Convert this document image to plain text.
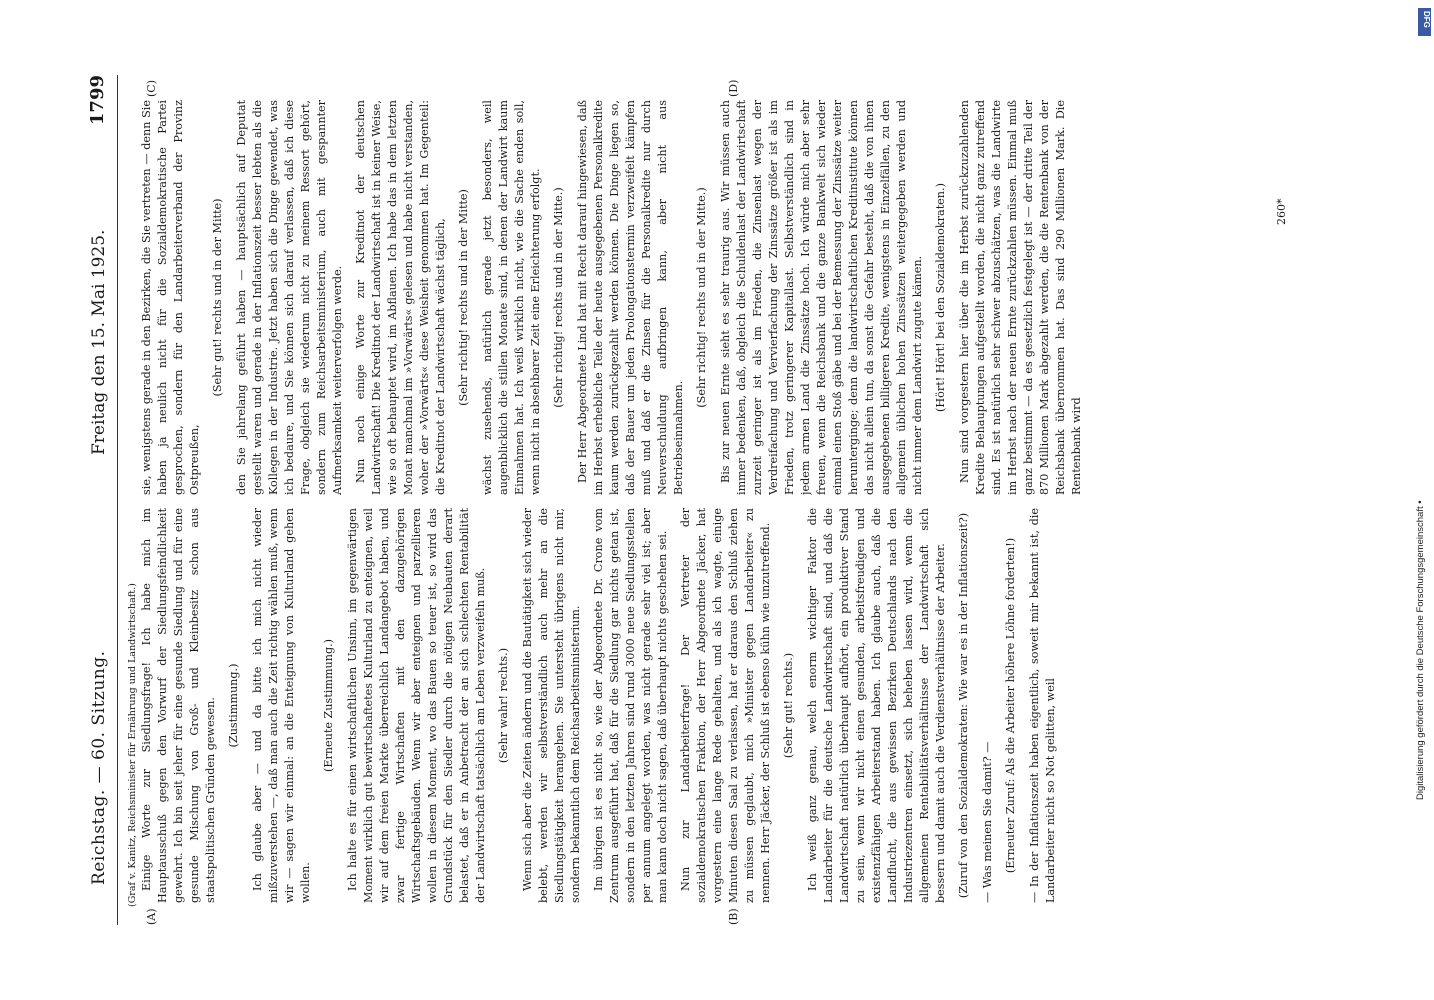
Reichstag. — 60. Sitzung.
Freitag den 15. Mai 1925.
1799
(Graf v. Kanitz, Reichsminister für Ernährung und Landwirtschaft.)
(A)	(B)
(C)	(D)

Einige Worte zur Siedlungsfrage! Ich habe mich im Hauptausschuß gegen den Vorwurf der Siedlungsfeindlichkeit gewehrt. Ich bin seit jeher für eine gesunde Siedlung und für eine gesunde Mischung von Groß- und Kleinbesitz schon aus staatspolitischen Gründen gewesen. (Zustimmung.) Ich glaube aber — und da bitte ich mich nicht wieder mißzuverstehen —, daß man auch die Zeit richtig wählen muß, wenn wir — sagen wir einmal: an die Enteignung von Kulturland gehen wollen.

(Erneute Zustimmung.) Ich halte es für einen wirtschaftlichen Unsinn, im gegenwärtigen Moment wirklich gut bewirtschaftetes Kulturland zu enteignen, weil wir auf dem freien Markte überreichlich Landangebot haben, und zwar fertige Wirtschaften mit den dazugehörigen Wirtschaftsgebäuden. Wenn wir aber enteignen und parzellieren wollen in diesem Moment, wo das Bauen so teuer ist, so wird das Grundstück für den Siedler durch die nötigen Neubauten derart belastet, daß er in Anbetracht der an sich schlechten Rentabilität der Landwirtschaft tatsächlich am Leben verzweifeln muß. (Sehr wahr! rechts.) Wenn sich aber die Zeiten ändern und die Bautätigkeit sich wieder belebt, werden wir selbstverständlich auch mehr an die Siedlungstätigkeit herangehen. Sie untersteht übrigens nicht mir, sondern bekanntlich dem Reichsarbeitsministerium. Im übrigen ist es nicht so, wie der Abgeordnete Dr. Crone vom Zentrum ausgeführt hat, daß für die Siedlung gar nichts getan ist, sondern in den letzten Jahren sind rund 3000 neue Siedlungsstellen per annum angelegt worden, was nicht gerade sehr viel ist; aber man kann doch nicht sagen, daß überhaupt nichts geschehen sei. Nun zur Landarbeiterfrage! Der Vertreter der sozialdemokratischen Fraktion, der Herr Abgeordnete Jäcker, hat vorgestern eine lange Rede gehalten, und als ich wagte, einige Minuten diesen Saal zu verlassen, hat er daraus den Schluß ziehen zu müssen geglaubt, mich »Minister gegen Landarbeiter« zu nennen. Herr Jäcker, der Schluß ist ebenso kühn wie unzutreffend. (Sehr gut! rechts.) Ich weiß ganz genau, welch enorm wichtiger Faktor die Landarbeiter für die deutsche Landwirtschaft sind, und daß die Landwirtschaft natürlich überhaupt aufhört, ein produktiver Stand zu sein, wenn wir nicht einen gesunden, arbeitsfreudigen und existenzfähigen Arbeiterstand haben. Ich glaube auch, daß die Landflucht, die aus gewissen Bezirken Deutschlands nach den Industriezentren einsetzt, sich beheben lassen wird, wenn die allgemeinen Rentabilitätsverhältnisse der Landwirtschaft sich bessern und damit auch die Verdienstverhältnisse der Arbeiter. (Zuruf von den Sozialdemokraten: Wie war es in der Inflationszeit?) — Was meinen Sie damit? — (Erneuter Zuruf: Als die Arbeiter höhere Löhne forderten!) — In der Inflationszeit haben eigentlich, soweit mir bekannt ist, die Landarbeiter nicht so Not gelitten, weil

sie, wenigstens gerade in den Bezirken, die Sie vertreten — denn Sie haben ja neulich nicht für die Sozialdemokratische Partei gesprochen, sondern für den Landarbeiterverband der Provinz Ostpreußen,

(Sehr gut! rechts und in der Mitte) den Sie jahrelang geführt haben — hauptsächlich auf Deputat gestellt waren und gerade in der Inflationszeit besser lebten als die Kollegen in der Industrie. Jetzt haben sich die Dinge gewendet, was ich bedaure, und Sie können sich darauf verlassen, daß ich diese Frage, obgleich sie wiederum nicht zu meinem Ressort gehört, sondern zum Reichsarbeitsministerium, auch mit gespannter Aufmerksamkeit weiterverfolgen werde. Nun noch einige Worte zur Kreditnot der deutschen Landwirtschaft! Die Kreditnot der Landwirtschaft ist in keiner Weise, wie so oft behauptet wird, im Abflauen. Ich habe das in dem letzten Monat manchmal im »Vorwärts« gelesen und habe nicht verstanden, woher der »Vorwärts« diese Weisheit genommen hat. Im Gegenteil: die Kreditnot der Landwirtschaft wächst täglich, (Sehr richtig! rechts und in der Mitte) wächst zusehends, natürlich gerade jetzt besonders, weil augenblicklich die stillen Monate sind, in denen der Landwirt kaum Einnahmen hat. Ich weiß wirklich nicht, wie die Sache enden soll, wenn nicht in absehbarer Zeit eine Erleichterung erfolgt. (Sehr richtig! rechts und in der Mitte.) Der Herr Abgeordnete Lind hat mit Recht darauf hingewiesen, daß im Herbst erhebliche Teile der heute ausgegebenen Personalkredite kaum werden zurückgezahlt werden können. Die Dinge liegen so, daß der Bauer um jeden Prolongationstermin verzweifelt kämpfen muß und daß er die Zinsen für die Personalkredite nur durch Neuverschuldung aufbringen kann, aber nicht aus Betriebseinnahmen.

(Sehr richtig! rechts und in der Mitte.) Bis zur neuen Ernte sieht es sehr traurig aus. Wir müssen auch immer bedenken, daß, obgleich die Schuldenlast der Landwirtschaft zurzeit geringer ist als im Frieden, die Zinsenlast wegen der Verdreifachung und Vervierfachung der Zinssätze größer ist als im Frieden, trotz geringerer Kapitallast. Selbstverständlich sind in jedem armen Land die Zinssätze hoch. Ich würde mich aber sehr freuen, wenn die Reichsbank und die ganze Bankwelt sich wieder einmal einen Stoß gäbe und bei der Bemessung der Zinssätze weiter herunterginge; denn die landwirtschaftlichen Kreditinstitute können das nicht allein tun, da sonst die Gefahr besteht, daß die von ihnen ausgegebenen billigeren Kredite, wenigstens in Einzelfällen, zu den allgemein üblichen hohen Zinssätzen weitergegeben werden und nicht immer dem Landwirt zugute kämen. (Hört! Hört! bei den Sozialdemokraten.) Nun sind vorgestern hier über die im Herbst zurückzuzahlenden Kredite Behauptungen aufgestellt worden, die nicht ganz zutreffend sind. Es ist natürlich sehr schwer abzuschätzen, was die Landwirte im Herbst nach der neuen Ernte zurückzahlen müssen. Einmal muß ganz bestimmt — da es gesetzlich festgelegt ist — der dritte Teil der 870 Millionen Mark abgezahlt werden, die die Rentenbank von der Reichsbank übernommen hat. Das sind 290 Millionen Mark. Die Rentenbank wird

260*
Digitalisierung gefördert durch die Deutsche Forschungsgemeinschaft •
DFG
